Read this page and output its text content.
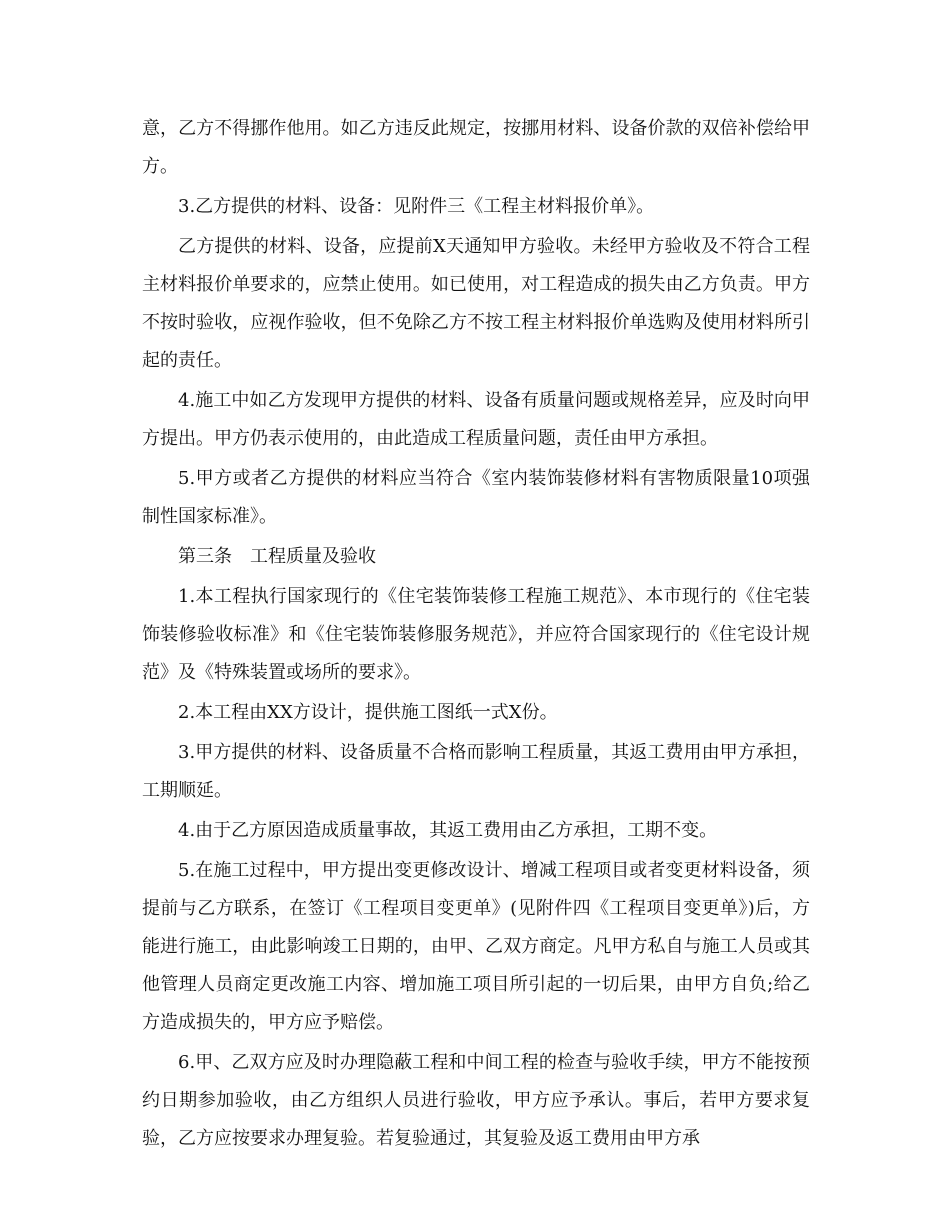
意，乙方不得挪作他用。如乙方违反此规定，按挪用材料、设备价款的双倍补偿给甲方。

3.乙方提供的材料、设备：见附件三《工程主材料报价单》。

乙方提供的材料、设备，应提前X天通知甲方验收。未经甲方验收及不符合工程主材料报价单要求的，应禁止使用。如已使用，对工程造成的损失由乙方负责。甲方不按时验收，应视作验收，但不免除乙方不按工程主材料报价单选购及使用材料所引起的责任。

4.施工中如乙方发现甲方提供的材料、设备有质量问题或规格差异，应及时向甲方提出。甲方仍表示使用的，由此造成工程质量问题，责任由甲方承担。

5.甲方或者乙方提供的材料应当符合《室内装饰装修材料有害物质限量10项强制性国家标准》。

第三条　工程质量及验收

1.本工程执行国家现行的《住宅装饰装修工程施工规范》、本市现行的《住宅装饰装修验收标准》和《住宅装饰装修服务规范》，并应符合国家现行的《住宅设计规范》及《特殊装置或场所的要求》。

2.本工程由XX方设计，提供施工图纸一式X份。

3.甲方提供的材料、设备质量不合格而影响工程质量，其返工费用由甲方承担，工期顺延。

4.由于乙方原因造成质量事故，其返工费用由乙方承担，工期不变。

5.在施工过程中，甲方提出变更修改设计、增减工程项目或者变更材料设备，须提前与乙方联系，在签订《工程项目变更单》(见附件四《工程项目变更单》)后，方能进行施工，由此影响竣工日期的，由甲、乙双方商定。凡甲方私自与施工人员或其他管理人员商定更改施工内容、增加施工项目所引起的一切后果，由甲方自负;给乙方造成损失的，甲方应予赔偿。

6.甲、乙双方应及时办理隐蔽工程和中间工程的检查与验收手续，甲方不能按预约日期参加验收，由乙方组织人员进行验收，甲方应予承认。事后，若甲方要求复验，乙方应按要求办理复验。若复验通过，其复验及返工费用由甲方承
